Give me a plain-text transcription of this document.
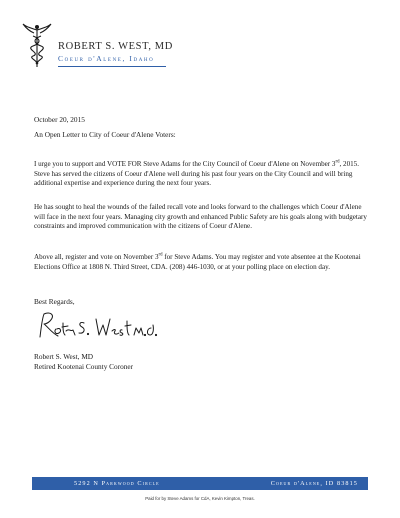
ROBERT S. WEST, MD
Coeur d'Alene, Idaho
October 20, 2015
An Open Letter to City of Coeur d'Alene Voters:

I urge you to support and VOTE FOR Steve Adams for the City Council of Coeur d'Alene on November 3rd, 2015. Steve has served the citizens of Coeur d'Alene well during his past four years on the City Council and will bring additional expertise and experience during the next four years.

He has sought to heal the wounds of the failed recall vote and looks forward to the challenges which Coeur d'Alene will face in the next four years. Managing city growth and enhanced Public Safety are his goals along with budgetary constraints and improved communication with the citizens of Coeur d'Alene.

Above all, register and vote on November 3rd for Steve Adams. You may register and vote absentee at the Kootenai Elections Office at 1808 N. Third Street, CDA. (208) 446-1030, or at your polling place on election day.

Best Regards,
Robert S. West, MD
Retired Kootenai County Coroner
5292 N Parkwood Circle	Coeur d'Alene, ID 83815
Paid for by Steve Adams for CdA, Kevin Kimpton, Treas.
